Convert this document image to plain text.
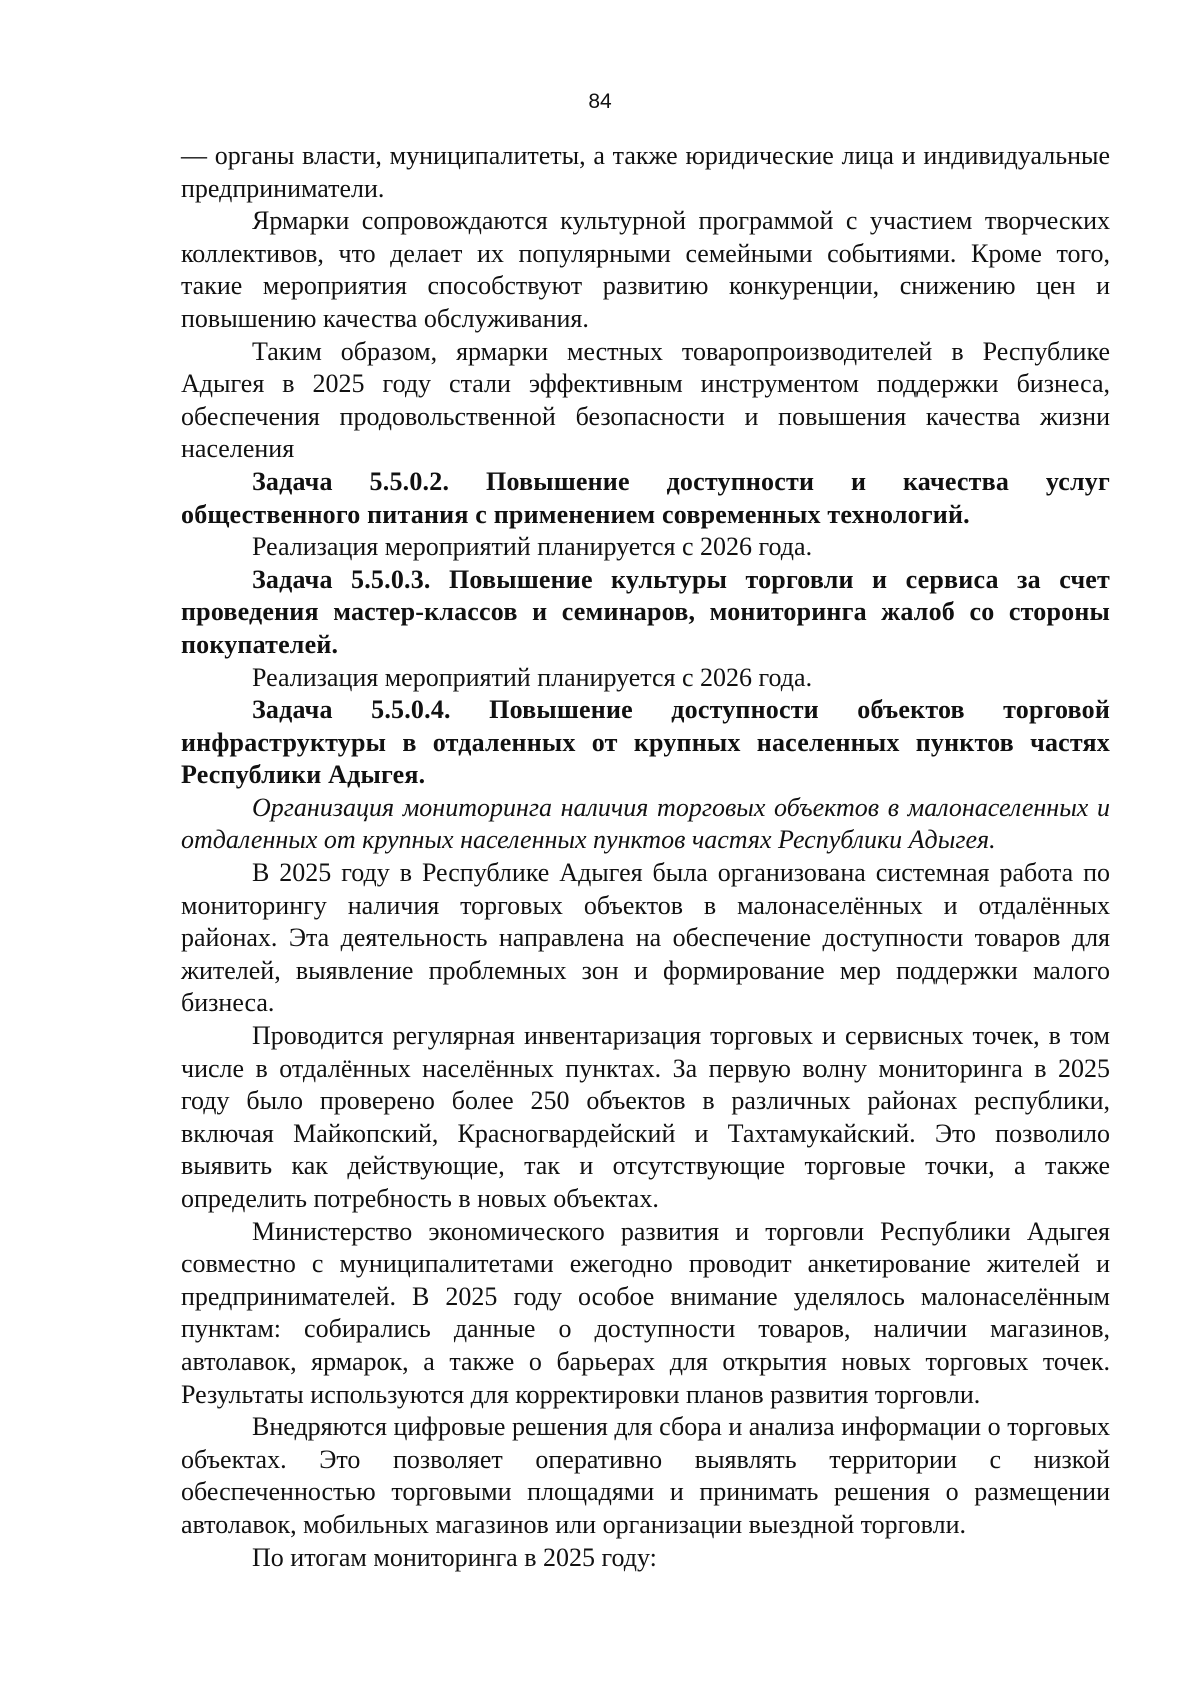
84

— органы власти, муниципалитеты, а также юридические лица и индивидуальные предприниматели.

Ярмарки сопровождаются культурной программой с участием творческих коллективов, что делает их популярными семейными событиями. Кроме того, такие мероприятия способствуют развитию конкуренции, снижению цен и повышению качества обслуживания.

Таким образом, ярмарки местных товаропроизводителей в Республике Адыгея в 2025 году стали эффективным инструментом поддержки бизнеса, обеспечения продовольственной безопасности и повышения качества жизни населения

Задача 5.5.0.2. Повышение доступности и качества услуг общественного питания с применением современных технологий.

Реализация мероприятий планируется с 2026 года.

Задача 5.5.0.3. Повышение культуры торговли и сервиса за счет проведения мастер-классов и семинаров, мониторинга жалоб со стороны покупателей.

Реализация мероприятий планируется с 2026 года.

Задача 5.5.0.4. Повышение доступности объектов торговой инфраструктуры в отдаленных от крупных населенных пунктов частях Республики Адыгея.

Организация мониторинга наличия торговых объектов в малонаселенных и отдаленных от крупных населенных пунктов частях Республики Адыгея.

В 2025 году в Республике Адыгея была организована системная работа по мониторингу наличия торговых объектов в малонаселённых и отдалённых районах. Эта деятельность направлена на обеспечение доступности товаров для жителей, выявление проблемных зон и формирование мер поддержки малого бизнеса.

Проводится регулярная инвентаризация торговых и сервисных точек, в том числе в отдалённых населённых пунктах. За первую волну мониторинга в 2025 году было проверено более 250 объектов в различных районах республики, включая Майкопский, Красногвардейский и Тахтамукайский. Это позволило выявить как действующие, так и отсутствующие торговые точки, а также определить потребность в новых объектах.

Министерство экономического развития и торговли Республики Адыгея совместно с муниципалитетами ежегодно проводит анкетирование жителей и предпринимателей. В 2025 году особое внимание уделялось малонаселённым пунктам: собирались данные о доступности товаров, наличии магазинов, автолавок, ярмарок, а также о барьерах для открытия новых торговых точек. Результаты используются для корректировки планов развития торговли.

Внедряются цифровые решения для сбора и анализа информации о торговых объектах. Это позволяет оперативно выявлять территории с низкой обеспеченностью торговыми площадями и принимать решения о размещении автолавок, мобильных магазинов или организации выездной торговли.

По итогам мониторинга в 2025 году:
